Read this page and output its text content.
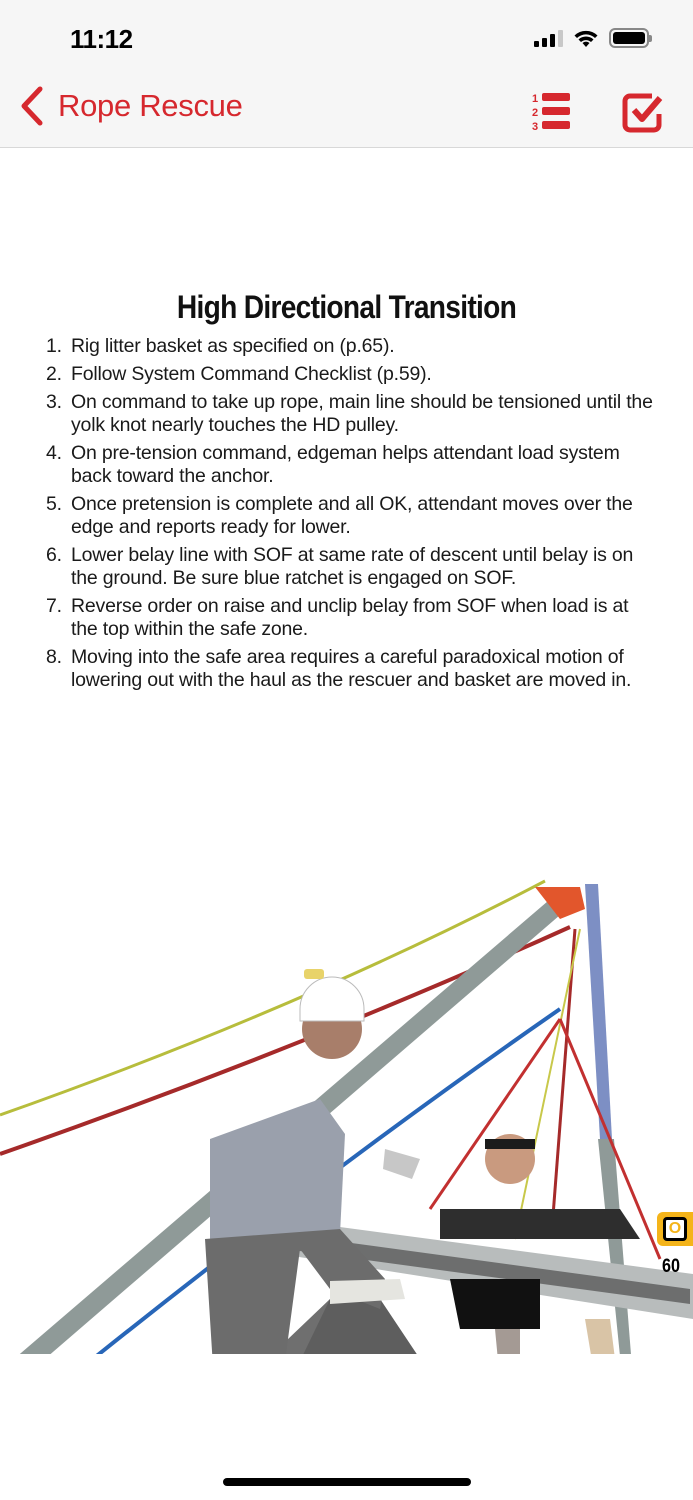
11:12
Rope Rescue	1
2
3
High Directional Transition
1. Rig litter basket as specified on (p.65).
2. Follow System Command Checklist (p.59).
3. On command to take up rope, main line should be tensioned until the yolk knot nearly touches the HD pulley.
4. On pre-tension command, edgeman helps attendant load system back toward the anchor.
5. Once pretension is complete and all OK, attendant moves over the edge and reports ready for lower.
6. Lower belay line with SOF at same rate of descent until belay is on the ground. Be sure blue ratchet is engaged on SOF.
7. Reverse order on raise and unclip belay from SOF when load is at the top within the safe zone.
8. Moving into the safe area requires a careful paradoxical motion of lowering out with the haul as the rescuer and basket are moved in.
O
60
